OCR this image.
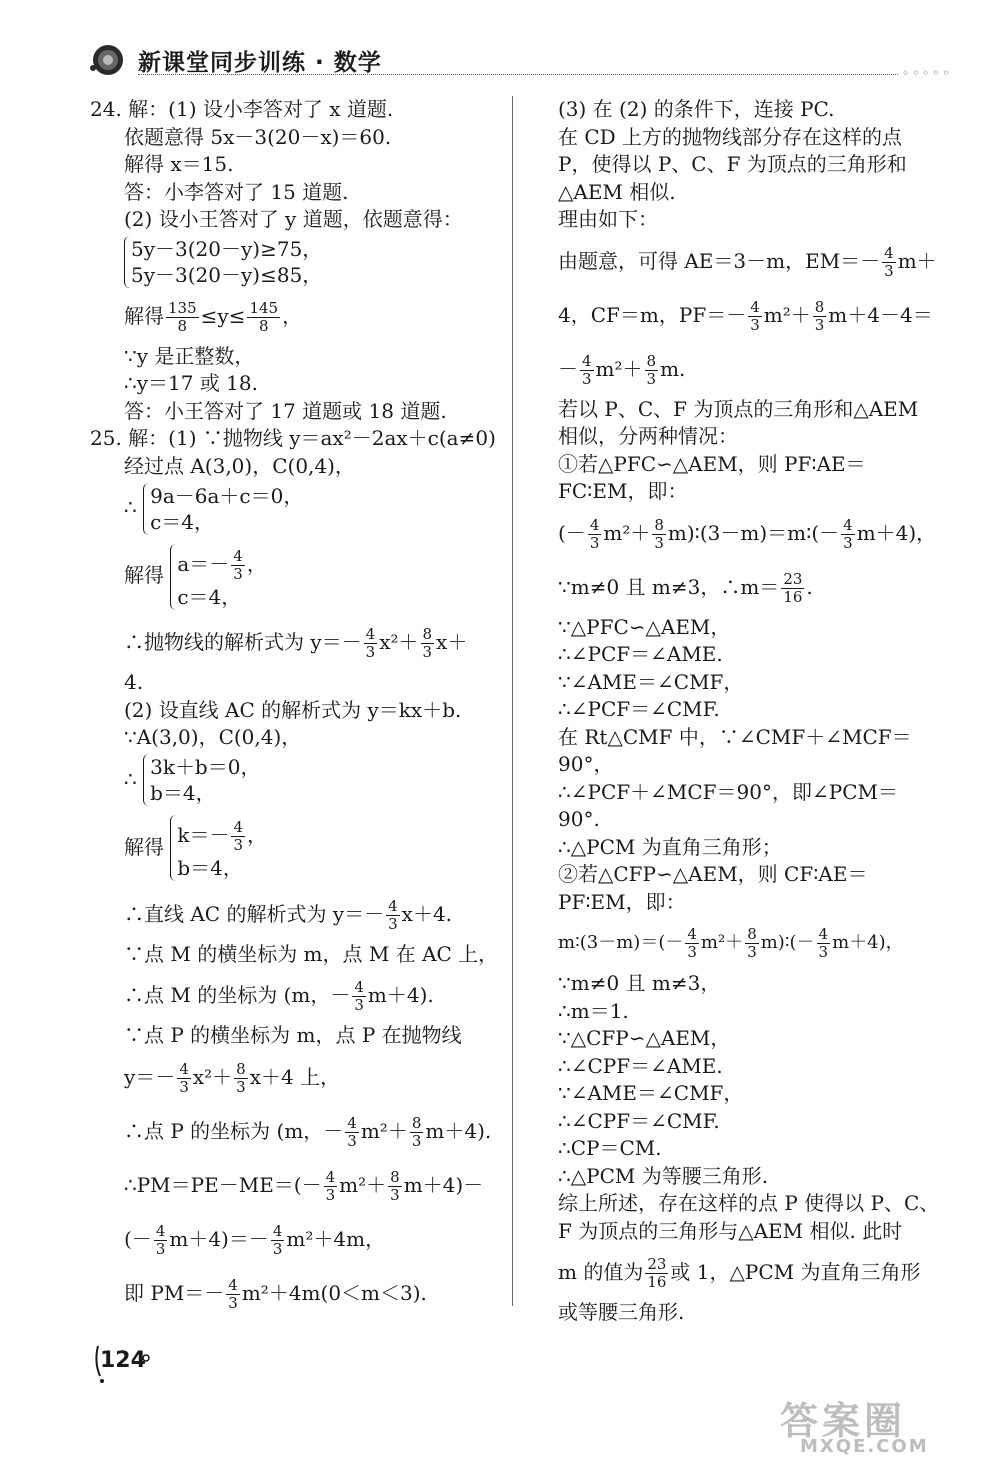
新课堂同步训练 · 数学	◦◦◦◦◦
24. 解：(1) 设小李答对了 x 道题.
依题意得 5x－3(20－x)＝60.
解得 x＝15.
答：小李答对了 15 道题.
(2) 设小王答对了 y 道题，依题意得：
5y－3(20－y)≥75，
5y－3(20－y)≤85，
解得 $\frac{135}{8} \le y\le \frac{145}{8}$ ，
∵y 是正整数，
∴y＝17 或 18.
答：小王答对了 17 道题或 18 道题.
25. 解：(1) ∵抛物线 y＝ax²－2ax＋c(a≠0)
经过点 A(3,0)，C(0,4)，
∴ 9a－6a＋c＝0，
c＝4，
解得 $a=- \frac{4}{3}$ ，
c＝4，
∴抛物线的解析式为 $y=- \frac{4}{3} x^2+ \frac{8}{3} x+$
4.
(2) 设直线 AC 的解析式为 y＝kx＋b.
∵A(3,0)，C(0,4)，
∴ 3k＋b＝0，
b＝4，
解得 $k=- \frac{4}{3}$ ，
b＝4，
∴直线 AC 的解析式为 $y=- \frac{4}{3} x+4$.
∵点 M 的横坐标为 m，点 M 在 AC 上，
∴点 M 的坐标为 (m，－ $\frac{4}{3} m+4$).
∵点 P 的横坐标为 m，点 P 在抛物线
$y=- \frac{4}{3} x^2+ \frac{8}{3} x+4$ 上，
∴点 P 的坐标为 (m，－ $\frac{4}{3} m^2+ \frac{8}{3} m+4$).
∴PM＝PE－ME＝(－ $\frac{4}{3} m^2+ \frac{8}{3} m+4)-$
(－ $\frac{4}{3} m+4)=- \frac{4}{3} m^2+4m$，
即 $PM=- \frac{4}{3} m^2+4m(0<m<3)$.
(3) 在 (2) 的条件下，连接 PC.
在 CD 上方的抛物线部分存在这样的点
P，使得以 P、C、F 为顶点的三角形和
△AEM 相似.
理由如下：
由题意，可得 AE＝3－m，$EM=- \frac{4}{3} m+$
4，CF＝m，$PF=- \frac{4}{3} m^2+ \frac{8}{3} m+4-4=$
－ $\frac{4}{3} m^2+ \frac{8}{3} m$.
若以 P、C、F 为顶点的三角形和△AEM
相似，分两种情况：
①若△PFC∽△AEM，则 PF∶AE＝
FC∶EM，即：
(－ $\frac{4}{3} m^2+ \frac{8}{3}$ m)∶(3－m)＝m∶(－ $\frac{4}{3} m+4$)，
∵m≠0 且 m≠3，∴m＝ $\frac{23}{16}$ .
∵△PFC∽△AEM，
∴∠PCF＝∠AME.
∵∠AME＝∠CMF，
∴∠PCF＝∠CMF.
在 Rt△CMF 中，∵∠CMF＋∠MCF＝
90°，
∴∠PCF＋∠MCF＝90°，即∠PCM＝
90°.
∴△PCM 为直角三角形；
②若△CFP∽△AEM，则 CF∶AE＝
PF∶EM，即：
m∶(3－m)＝(－ $\frac{4}{3} m^2+ \frac{8}{3}$ m)∶(－ $\frac{4}{3} m+4$)，
∵m≠0 且 m≠3，
∴m＝1.
∵△CFP∽△AEM，
∴∠CPF＝∠AME.
∵∠AME＝∠CMF，
∴∠CPF＝∠CMF.
∴CP＝CM.
∴△PCM 为等腰三角形.
综上所述，存在这样的点 P 使得以 P、C、
F 为顶点的三角形与△AEM 相似. 此时
m 的值为 $\frac{23}{16}$ 或 1，△PCM 为直角三角形
或等腰三角形.
124
答案圈
MXQE.COM
